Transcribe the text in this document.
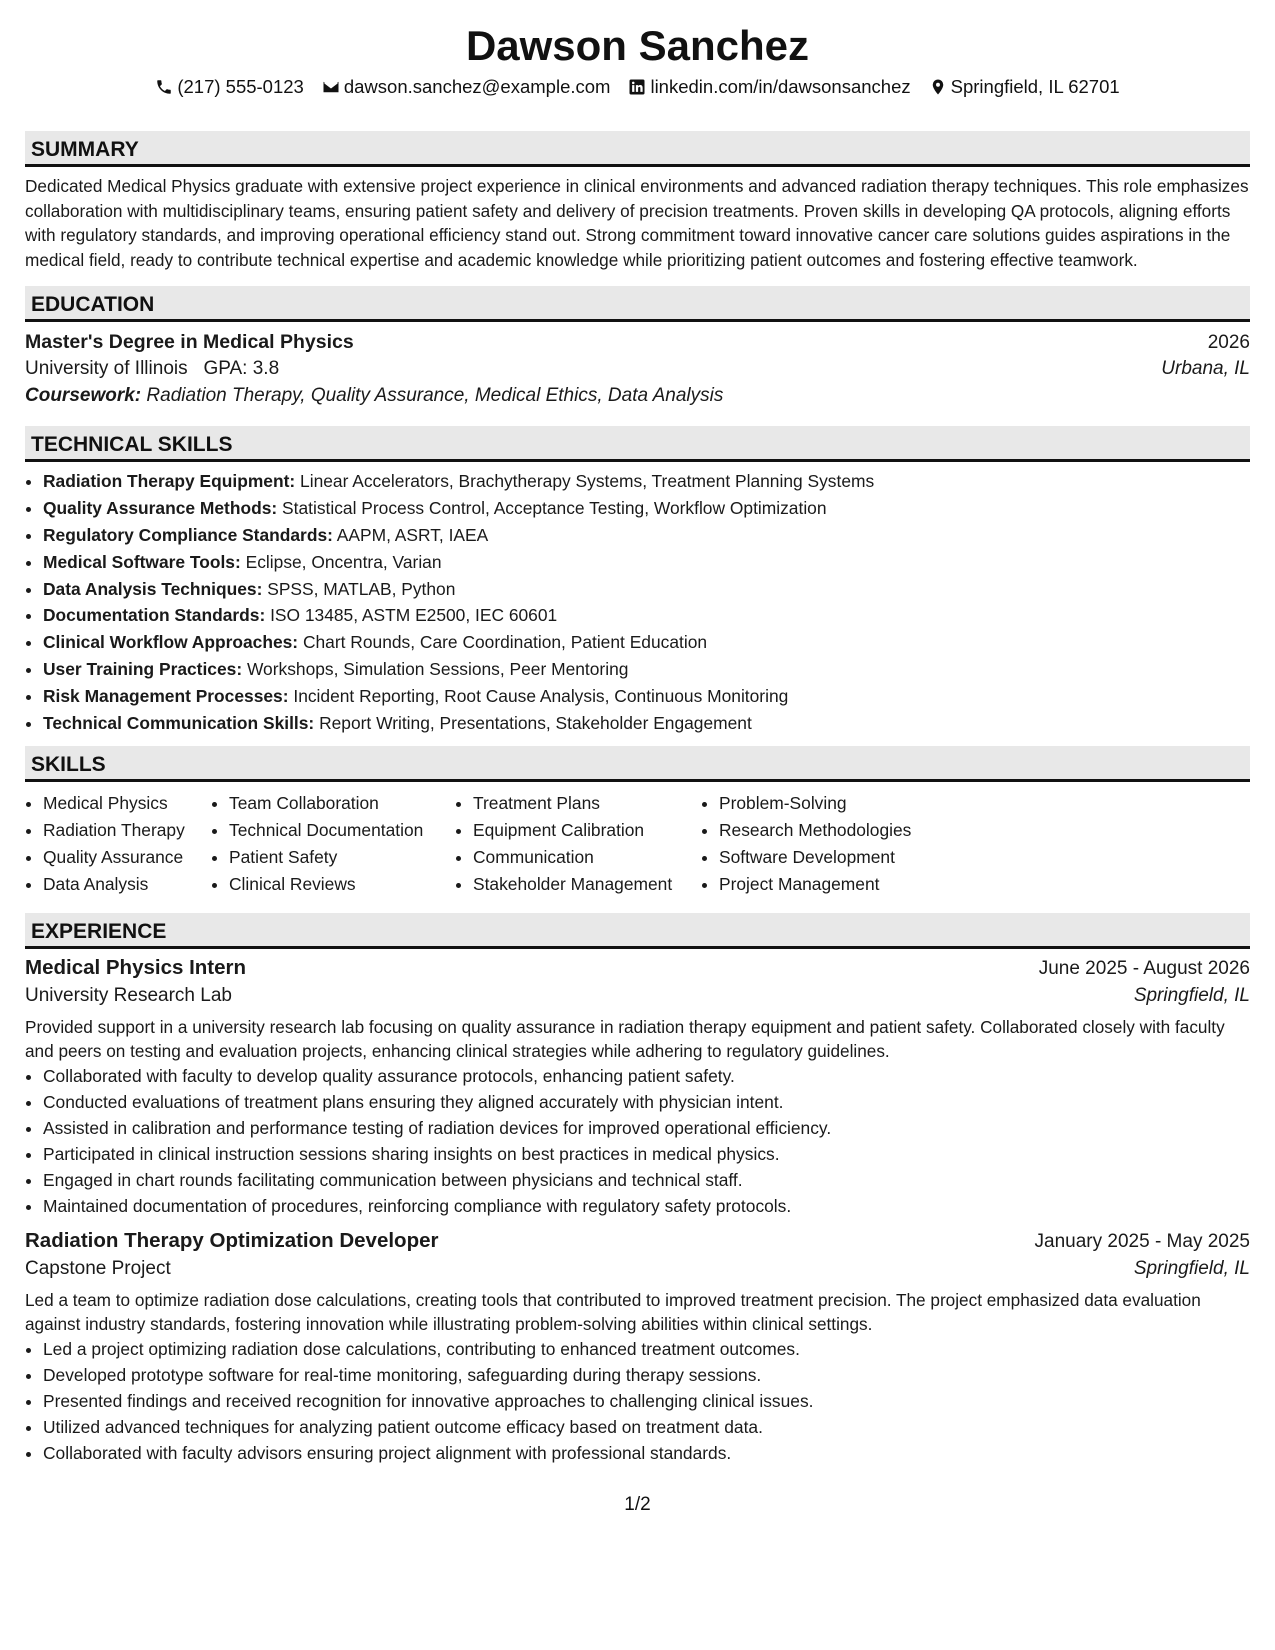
Dawson Sanchez
(217) 555-0123 dawson.sanchez@example.com linkedin.com/in/dawsonsanchez Springfield, IL 62701
SUMMARY

Dedicated Medical Physics graduate with extensive project experience in clinical environments and advanced radiation therapy techniques. This role emphasizes collaboration with multidisciplinary teams, ensuring patient safety and delivery of precision treatments. Proven skills in developing QA protocols, aligning efforts with regulatory standards, and improving operational efficiency stand out. Strong commitment toward innovative cancer care solutions guides aspirations in the medical field, ready to contribute technical expertise and academic knowledge while prioritizing patient outcomes and fostering effective teamwork.

EDUCATION
Master's Degree in Medical Physics	2026
University of Illinois GPA: 3.8	Urbana, IL
Coursework: Radiation Therapy, Quality Assurance, Medical Ethics, Data Analysis
TECHNICAL SKILLS
• Radiation Therapy Equipment: Linear Accelerators, Brachytherapy Systems, Treatment Planning Systems
• Quality Assurance Methods: Statistical Process Control, Acceptance Testing, Workflow Optimization
• Regulatory Compliance Standards: AAPM, ASRT, IAEA
• Medical Software Tools: Eclipse, Oncentra, Varian
• Data Analysis Techniques: SPSS, MATLAB, Python
• Documentation Standards: ISO 13485, ASTM E2500, IEC 60601
• Clinical Workflow Approaches: Chart Rounds, Care Coordination, Patient Education
• User Training Practices: Workshops, Simulation Sessions, Peer Mentoring
• Risk Management Processes: Incident Reporting, Root Cause Analysis, Continuous Monitoring
• Technical Communication Skills: Report Writing, Presentations, Stakeholder Engagement
SKILLS
• Medical Physics
• Radiation Therapy
• Quality Assurance
• Data Analysis
• Team Collaboration
• Technical Documentation
• Patient Safety
• Clinical Reviews
• Treatment Plans
• Equipment Calibration
• Communication
• Stakeholder Management
• Problem-Solving
• Research Methodologies
• Software Development
• Project Management
EXPERIENCE
Medical Physics Intern	June 2025 - August 2026
University Research Lab	Springfield, IL

Provided support in a university research lab focusing on quality assurance in radiation therapy equipment and patient safety. Collaborated closely with faculty and peers on testing and evaluation projects, enhancing clinical strategies while adhering to regulatory guidelines.

• Collaborated with faculty to develop quality assurance protocols, enhancing patient safety.
• Conducted evaluations of treatment plans ensuring they aligned accurately with physician intent.
• Assisted in calibration and performance testing of radiation devices for improved operational efficiency.
• Participated in clinical instruction sessions sharing insights on best practices in medical physics.
• Engaged in chart rounds facilitating communication between physicians and technical staff.
• Maintained documentation of procedures, reinforcing compliance with regulatory safety protocols.
Radiation Therapy Optimization Developer	January 2025 - May 2025
Capstone Project	Springfield, IL

Led a team to optimize radiation dose calculations, creating tools that contributed to improved treatment precision. The project emphasized data evaluation against industry standards, fostering innovation while illustrating problem-solving abilities within clinical settings.

• Led a project optimizing radiation dose calculations, contributing to enhanced treatment outcomes.
• Developed prototype software for real-time monitoring, safeguarding during therapy sessions.
• Presented findings and received recognition for innovative approaches to challenging clinical issues.
• Utilized advanced techniques for analyzing patient outcome efficacy based on treatment data.
• Collaborated with faculty advisors ensuring project alignment with professional standards.
1/2
